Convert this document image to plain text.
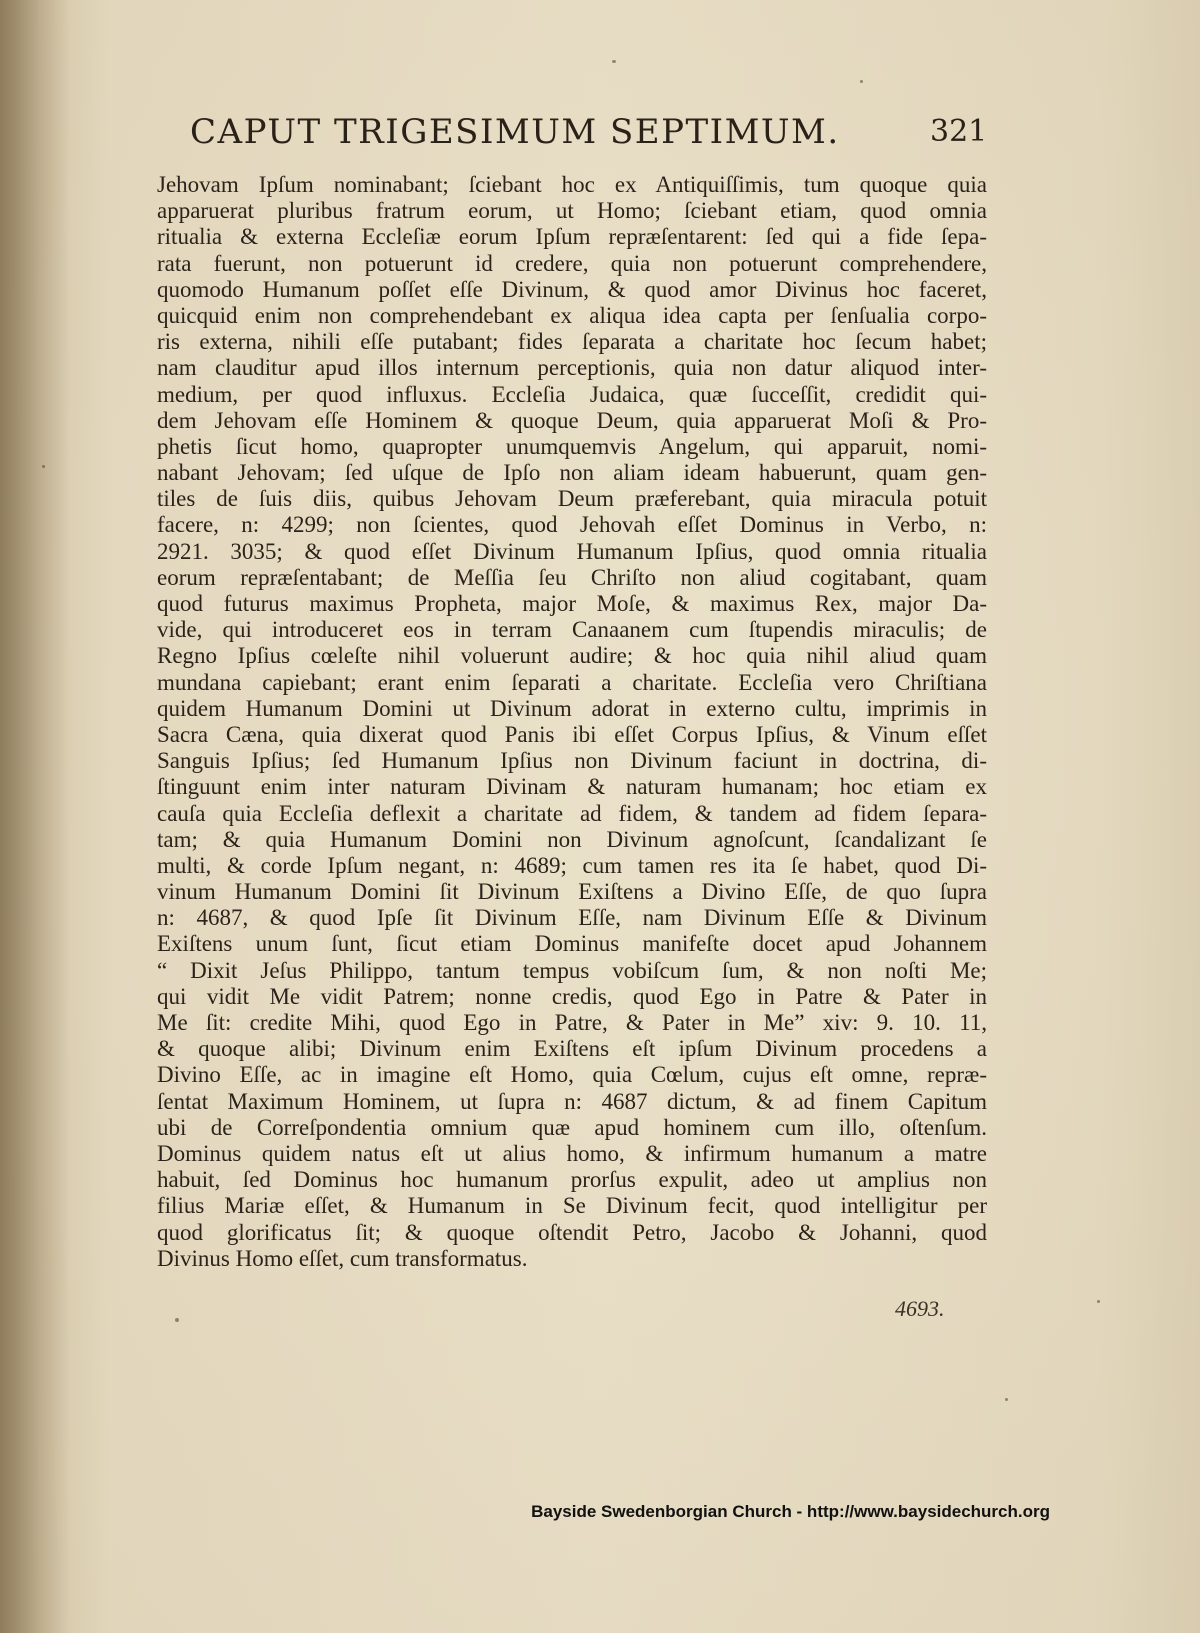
CAPUT TRIGESIMUM SEPTIMUM.	321
Jehovam Ipſum nominabant; ſciebant hoc ex Antiquiſſimis, tum quoque quia
apparuerat pluribus fratrum eorum, ut Homo; ſciebant etiam, quod omnia
ritualia & externa Eccleſiæ eorum Ipſum repræſentarent: ſed qui a fide ſepa-
rata fuerunt, non potuerunt id credere, quia non potuerunt comprehendere,
quomodo Humanum poſſet eſſe Divinum, & quod amor Divinus hoc faceret,
quicquid enim non comprehendebant ex aliqua idea capta per ſenſualia corpo-
ris externa, nihili eſſe putabant; fides ſeparata a charitate hoc ſecum habet;
nam clauditur apud illos internum perceptionis, quia non datur aliquod inter-
medium, per quod influxus. Eccleſia Judaica, quæ ſucceſſit, credidit qui-
dem Jehovam eſſe Hominem & quoque Deum, quia apparuerat Moſi & Pro-
phetis ſicut homo, quapropter unumquemvis Angelum, qui apparuit, nomi-
nabant Jehovam; ſed uſque de Ipſo non aliam ideam habuerunt, quam gen-
tiles de ſuis diis, quibus Jehovam Deum præferebant, quia miracula potuit
facere, n: 4299; non ſcientes, quod Jehovah eſſet Dominus in Verbo, n:
2921. 3035; & quod eſſet Divinum Humanum Ipſius, quod omnia ritualia
eorum repræſentabant; de Meſſia ſeu Chriſto non aliud cogitabant, quam
quod futurus maximus Propheta, major Moſe, & maximus Rex, major Da-
vide, qui introduceret eos in terram Canaanem cum ſtupendis miraculis; de
Regno Ipſius cœleſte nihil voluerunt audire; & hoc quia nihil aliud quam
mundana capiebant; erant enim ſeparati a charitate. Eccleſia vero Chriſtiana
quidem Humanum Domini ut Divinum adorat in externo cultu, imprimis in
Sacra Cæna, quia dixerat quod Panis ibi eſſet Corpus Ipſius, & Vinum eſſet
Sanguis Ipſius; ſed Humanum Ipſius non Divinum faciunt in doctrina, di-
ſtinguunt enim inter naturam Divinam & naturam humanam; hoc etiam ex
cauſa quia Eccleſia deflexit a charitate ad fidem, & tandem ad fidem ſepara-
tam; & quia Humanum Domini non Divinum agnoſcunt, ſcandalizant ſe
multi, & corde Ipſum negant, n: 4689; cum tamen res ita ſe habet, quod Di-
vinum Humanum Domini ſit Divinum Exiſtens a Divino Eſſe, de quo ſupra
n: 4687, & quod Ipſe ſit Divinum Eſſe, nam Divinum Eſſe & Divinum
Exiſtens unum ſunt, ſicut etiam Dominus manifeſte docet apud Johannem
“ Dixit Jeſus Philippo, tantum tempus vobiſcum ſum, & non noſti Me;
qui vidit Me vidit Patrem; nonne credis, quod Ego in Patre & Pater in
Me ſit: credite Mihi, quod Ego in Patre, & Pater in Me” xiv: 9. 10. 11,
& quoque alibi; Divinum enim Exiſtens eſt ipſum Divinum procedens a
Divino Eſſe, ac in imagine eſt Homo, quia Cœlum, cujus eſt omne, repræ-
ſentat Maximum Hominem, ut ſupra n: 4687 dictum, & ad finem Capitum
ubi de Correſpondentia omnium quæ apud hominem cum illo, oſtenſum.
Dominus quidem natus eſt ut alius homo, & infirmum humanum a matre
habuit, ſed Dominus hoc humanum prorſus expulit, adeo ut amplius non
filius Mariæ eſſet, & Humanum in Se Divinum fecit, quod intelligitur per
quod glorificatus ſit; & quoque oſtendit Petro, Jacobo & Johanni, quod
Divinus Homo eſſet, cum transformatus.
4693.
Bayside Swedenborgian Church - http://www.baysidechurch.org
